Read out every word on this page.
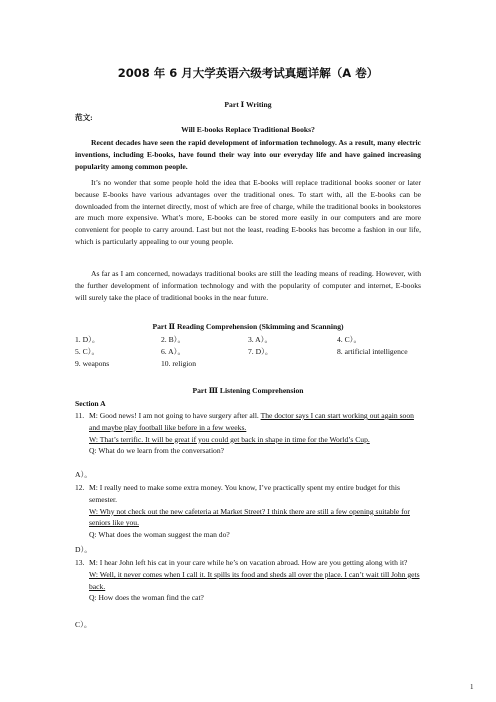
2008 年 6 月大学英语六级考试真题详解（A 卷）
Part Ⅰ Writing
范文:
Will E-books Replace Traditional Books?
Recent decades have seen the rapid development of information technology. As a result, many electric inventions, including E-books, have found their way into our everyday life and have gained increasing popularity among common people.
It’s no wonder that some people hold the idea that E-books will replace traditional books sooner or later because E-books have various advantages over the traditional ones. To start with, all the E-books can be downloaded from the internet directly, most of which are free of charge, while the traditional books in bookstores are much more expensive. What’s more, E-books can be stored more easily in our computers and are more convenient for people to carry around. Last but not the least, reading E-books has become a fashion in our life, which is particularly appealing to our young people.
As far as I am concerned, nowadays traditional books are still the leading means of reading. However, with the further development of information technology and with the popularity of computer and internet, E-books will surely take the place of traditional books in the near future.
Part Ⅱ Reading Comprehension (Skimming and Scanning)
1. D）。	2. B）。	3. A）。	4. C）。
5. C）。	6. A）。	7. D）。	8. artificial intelligence
9. weapons	10. religion
Part Ⅲ Listening Comprehension
Section A
11. M: Good news! I am not going to have surgery after all. The doctor says I can start working out again soon and maybe play football like before in a few weeks.
W: That’s terrific. It will be great if you could get back in shape in time for the World’s Cup.
Q: What do we learn from the conversation?
A）。
12. M: I really need to make some extra money. You know, I’ve practically spent my entire budget for this semester.
W: Why not check out the new cafeteria at Market Street? I think there are still a few opening suitable for seniors like you.
Q: What does the woman suggest the man do?
D）。
13. M: I hear John left his cat in your care while he’s on vacation abroad. How are you getting along with it?
W: Well, it never comes when I call it. It spills its food and sheds all over the place. I can’t wait till John gets back.
Q: How does the woman find the cat?
C）。
1
